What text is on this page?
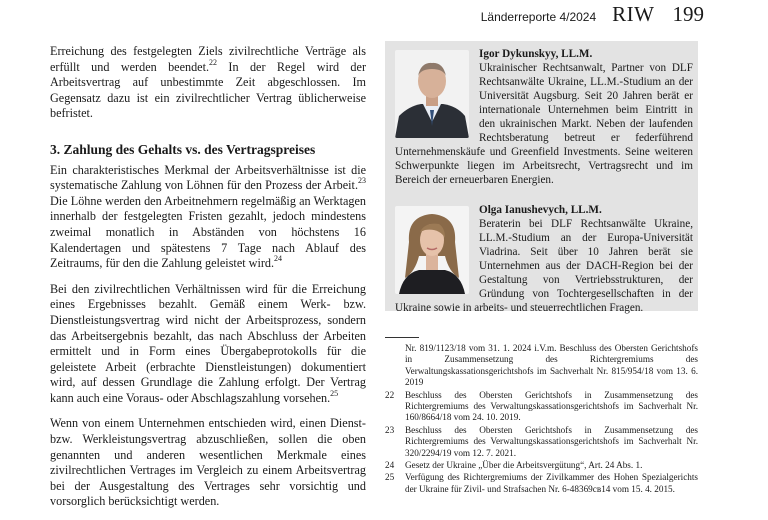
Länderreporte 4/2024 RIW 199

Erreichung des festgelegten Ziels zivilrechtliche Verträge als erfüllt und werden beendet.$^{22}$ In der Regel wird der Arbeitsvertrag auf unbestimmte Zeit abgeschlossen. Im Gegensatz dazu ist ein zivilrechtlicher Vertrag üblicherweise befristet.

3. Zahlung des Gehalts vs. des Vertragspreises

Ein charakteristisches Merkmal der Arbeitsverhältnisse ist die systematische Zahlung von Löhnen für den Prozess der Arbeit.$^{23}$ Die Löhne werden den Arbeitnehmern regelmäßig an Werktagen innerhalb der festgelegten Fristen gezahlt, jedoch mindestens zweimal monatlich in Abständen von höchstens 16 Kalendertagen und spätestens 7 Tage nach Ablauf des Zeitraums, für den die Zahlung geleistet wird.$^{24}$

Bei den zivilrechtlichen Verhältnissen wird für die Erreichung eines Ergebnisses bezahlt. Gemäß einem Werk- bzw. Dienstleistungsvertrag wird nicht der Arbeitsprozess, sondern das Arbeitsergebnis bezahlt, das nach Abschluss der Arbeiten ermittelt und in Form eines Übergabeprotokolls für die geleistete Arbeit (erbrachte Dienstleistungen) dokumentiert wird, auf dessen Grundlage die Zahlung erfolgt. Der Vertrag kann auch eine Voraus- oder Abschlagszahlung vorsehen.$^{25}$

Wenn von einem Unternehmen entschieden wird, einen Dienst- bzw. Werkleistungsvertrag abzuschließen, sollen die oben genannten und anderen wesentlichen Merkmale eines zivilrechtlichen Vertrages im Vergleich zu einem Arbeitsvertrag bei der Ausgestaltung des Vertrages sehr vorsichtig und vorsorglich berücksichtigt werden.

Igor Dykunskyy, LL.M.
Ukrainischer Rechtsanwalt, Partner von DLF Rechtsanwälte Ukraine, LL.M.-Studium an der Universität Augsburg. Seit 20 Jahren berät er internationale Unternehmen beim Eintritt in den ukrainischen Markt. Neben der laufenden Rechtsberatung betreut er federführend Unternehmenskäufe und Greenfield Investments. Seine weiteren Schwerpunkte liegen im Arbeitsrecht, Vertragsrecht und im Bereich der erneuerbaren Energien.
Olga Ianushevych, LL.M.
Beraterin bei DLF Rechtsanwälte Ukraine, LL.M.-Studium an der Europa-Universität Viadrina. Seit über 10 Jahren berät sie Unternehmen aus der DACH-Region bei der Gestaltung von Vertriebsstrukturen, der Gründung von Tochtergesellschaften in der Ukraine sowie in arbeits- und steuerrechtlichen Fragen.
Nr. 819/1123/18 vom 31. 1. 2024 i.V.m. Beschluss des Obersten Gerichtshofs in Zusammensetzung des Richtergremiums des Verwaltungskassationsgerichtshofs im Sachverhalt Nr. 815/954/18 vom 13. 6. 2019
22	Beschluss des Obersten Gerichtshofs in Zusammensetzung des Richtergremiums des Verwaltungskassationsgerichtshofs im Sachverhalt Nr. 160/8664/18 vom 24. 10. 2019.
23	Beschluss des Obersten Gerichtshofs in Zusammensetzung des Richtergremiums des Verwaltungskassationsgerichtshofs im Sachverhalt Nr. 320/2294/19 vom 12. 7. 2021.
24	Gesetz der Ukraine „Über die Arbeitsvergütung“, Art. 24 Abs. 1.
25	Verfügung des Richtergremiums der Zivilkammer des Hohen Spezialgerichts der Ukraine für Zivil- und Strafsachen Nr. 6-48369св14 vom 15. 4. 2015.
